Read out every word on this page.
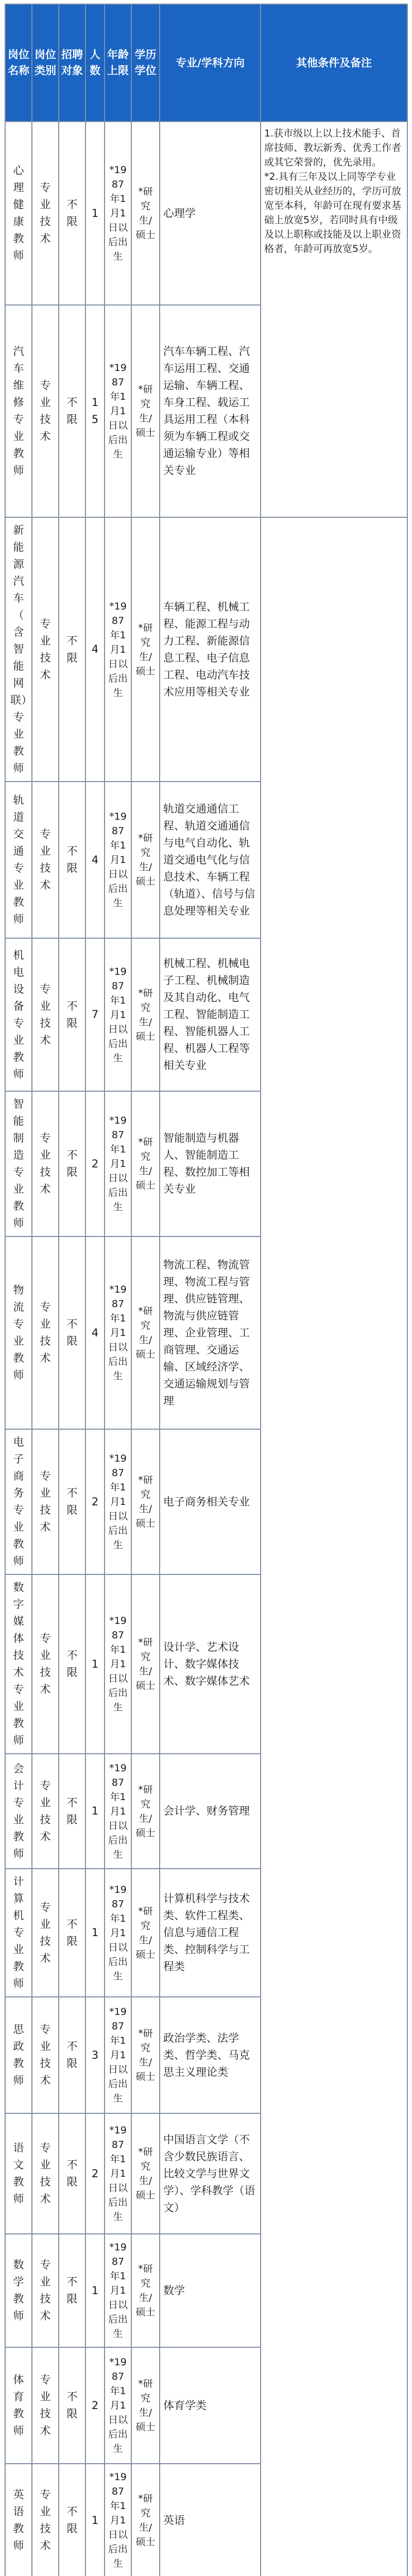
岗位名称	岗位类别	招聘对象	人数	年龄上限	学历学位	专业/学科方向	其他条件及备注
心理健康教师	专业技术	不限	1	*1987年1月1日以后出生	*研究生/硕士	心理学	1.获市级以上以上技术能手、首席技师、教坛新秀、优秀工作者或其它荣誉的，优先录用。
*2.具有三年及以上同等学专业密切相关从业经历的，学历可放宽至本科，年龄可在现有要求基础上放宽5岁，若同时具有中级及以上职称或技能及以上职业资格者，年龄可再放宽5岁。
汽车维修专业教师	专业技术	不限	15	*1987年1月1日以后出生	*研究生/硕士	汽车车辆工程、汽车运用工程、交通运输、车辆工程、车身工程、载运工具运用工程（本科须为车辆工程或交通运输专业）等相关专业	
新能源汽车（含智能网联）专业教师	专业技术	不限	4	*1987年1月1日以后出生	*研究生/硕士	车辆工程、机械工程、能源工程与动力工程、新能源信息工程、电子信息工程、电动汽车技术应用等相关专业	
轨道交通专业教师	专业技术	不限	4	*1987年1月1日以后出生	*研究生/硕士	轨道交通通信工程、轨道交通通信与电气自动化、轨道交通电气化与信息技术、车辆工程（轨道）、信号与信息处理等相关专业	
机电设备专业教师	专业技术	不限	7	*1987年1月1日以后出生	*研究生/硕士	机械工程、机械电子工程、机械制造及其自动化、电气工程、智能制造工程、智能机器人工程、机器人工程等相关专业	
智能制造专业教师	专业技术	不限	2	*1987年1月1日以后出生	*研究生/硕士	智能制造与机器人、智能制造工程、数控加工等相关专业	
物流专业教师	专业技术	不限	4	*1987年1月1日以后出生	*研究生/硕士	物流工程、物流管理、物流工程与管理、供应链管理、物流与供应链管理、企业管理、工商管理、交通运输、区域经济学、交通运输规划与管理	
电子商务专业教师	专业技术	不限	2	*1987年1月1日以后出生	*研究生/硕士	电子商务相关专业	
数字媒体技术专业教师	专业技术	不限	1	*1987年1月1日以后出生	*研究生/硕士	设计学、艺术设计、数字媒体技术、数字媒体艺术	
会计专业教师	专业技术	不限	1	*1987年1月1日以后出生	*研究生/硕士	会计学、财务管理	
计算机专业教师	专业技术	不限	1	*1987年1月1日以后出生	*研究生/硕士	计算机科学与技术类、软件工程类、信息与通信工程类、控制科学与工程类	
思政教师	专业技术	不限	3	*1987年1月1日以后出生	*研究生/硕士	政治学类、法学类、哲学类、马克思主义理论类	
语文教师	专业技术	不限	2	*1987年1月1日以后出生	*研究生/硕士	中国语言文学（不含少数民族语言、比较文学与世界文学）、学科教学（语文）	
数学教师	专业技术	不限	1	*1987年1月1日以后出生	*研究生/硕士	数学	
体育教师	专业技术	不限	2	*1987年1月1日以后出生	*研究生/硕士	体育学类	
英语教师	专业技术	不限	1	*1987年1月1日以后出生	*研究生/硕士	英语	
